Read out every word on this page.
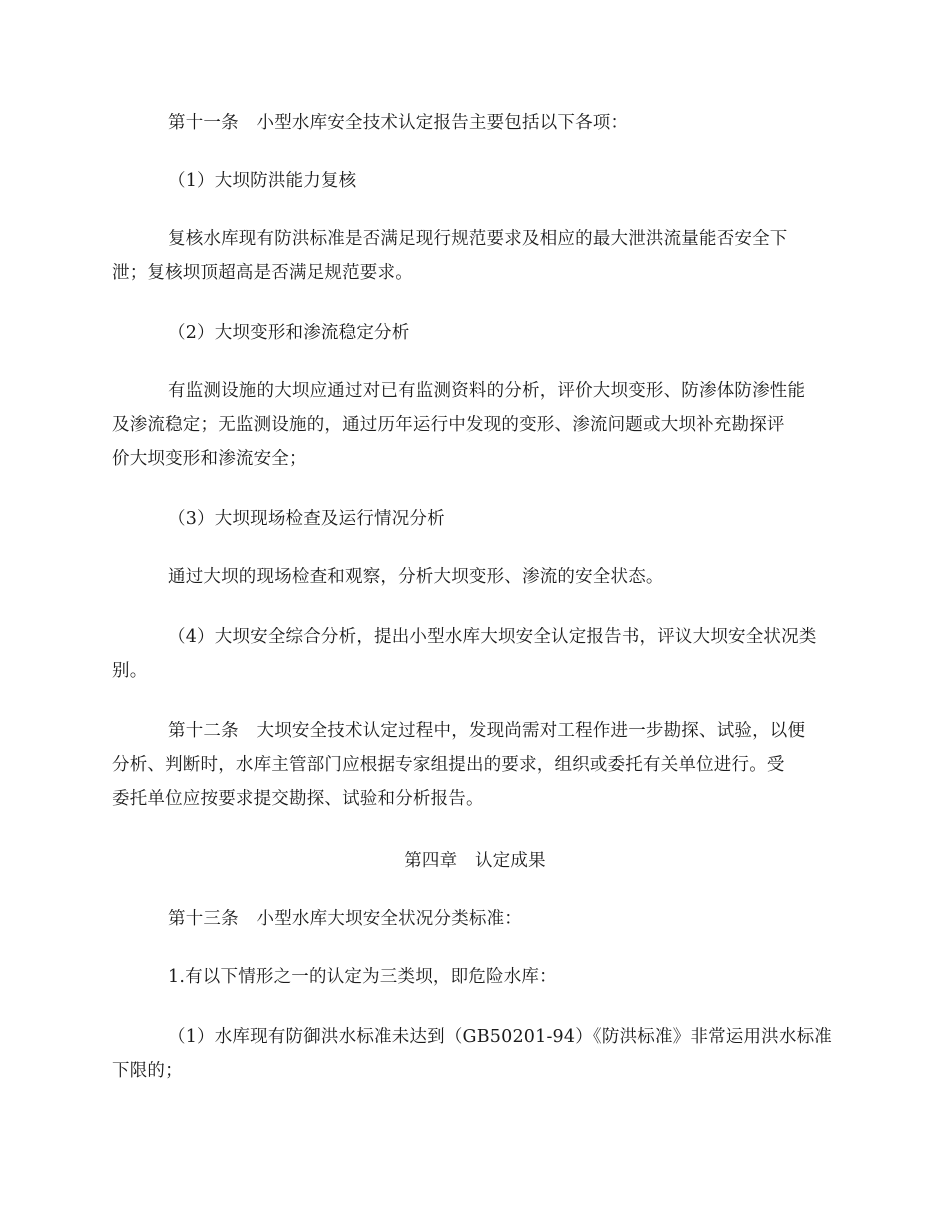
第十一条　小型水库安全技术认定报告主要包括以下各项：
（1）大坝防洪能力复核
复核水库现有防洪标准是否满足现行规范要求及相应的最大泄洪流量能否安全下
泄；复核坝顶超高是否满足规范要求。
（2）大坝变形和渗流稳定分析
有监测设施的大坝应通过对已有监测资料的分析，评价大坝变形、防渗体防渗性能
及渗流稳定；无监测设施的，通过历年运行中发现的变形、渗流问题或大坝补充勘探评
价大坝变形和渗流安全；
（3）大坝现场检查及运行情况分析
通过大坝的现场检查和观察，分析大坝变形、渗流的安全状态。
（4）大坝安全综合分析，提出小型水库大坝安全认定报告书，评议大坝安全状况类
别。
第十二条　大坝安全技术认定过程中，发现尚需对工程作进一步勘探、试验，以便
分析、判断时，水库主管部门应根据专家组提出的要求，组织或委托有关单位进行。受
委托单位应按要求提交勘探、试验和分析报告。
第四章　认定成果
第十三条　小型水库大坝安全状况分类标准：
1.有以下情形之一的认定为三类坝，即危险水库：
（1）水库现有防御洪水标准未达到（GB50201-94）《防洪标准》非常运用洪水标准
下限的；
